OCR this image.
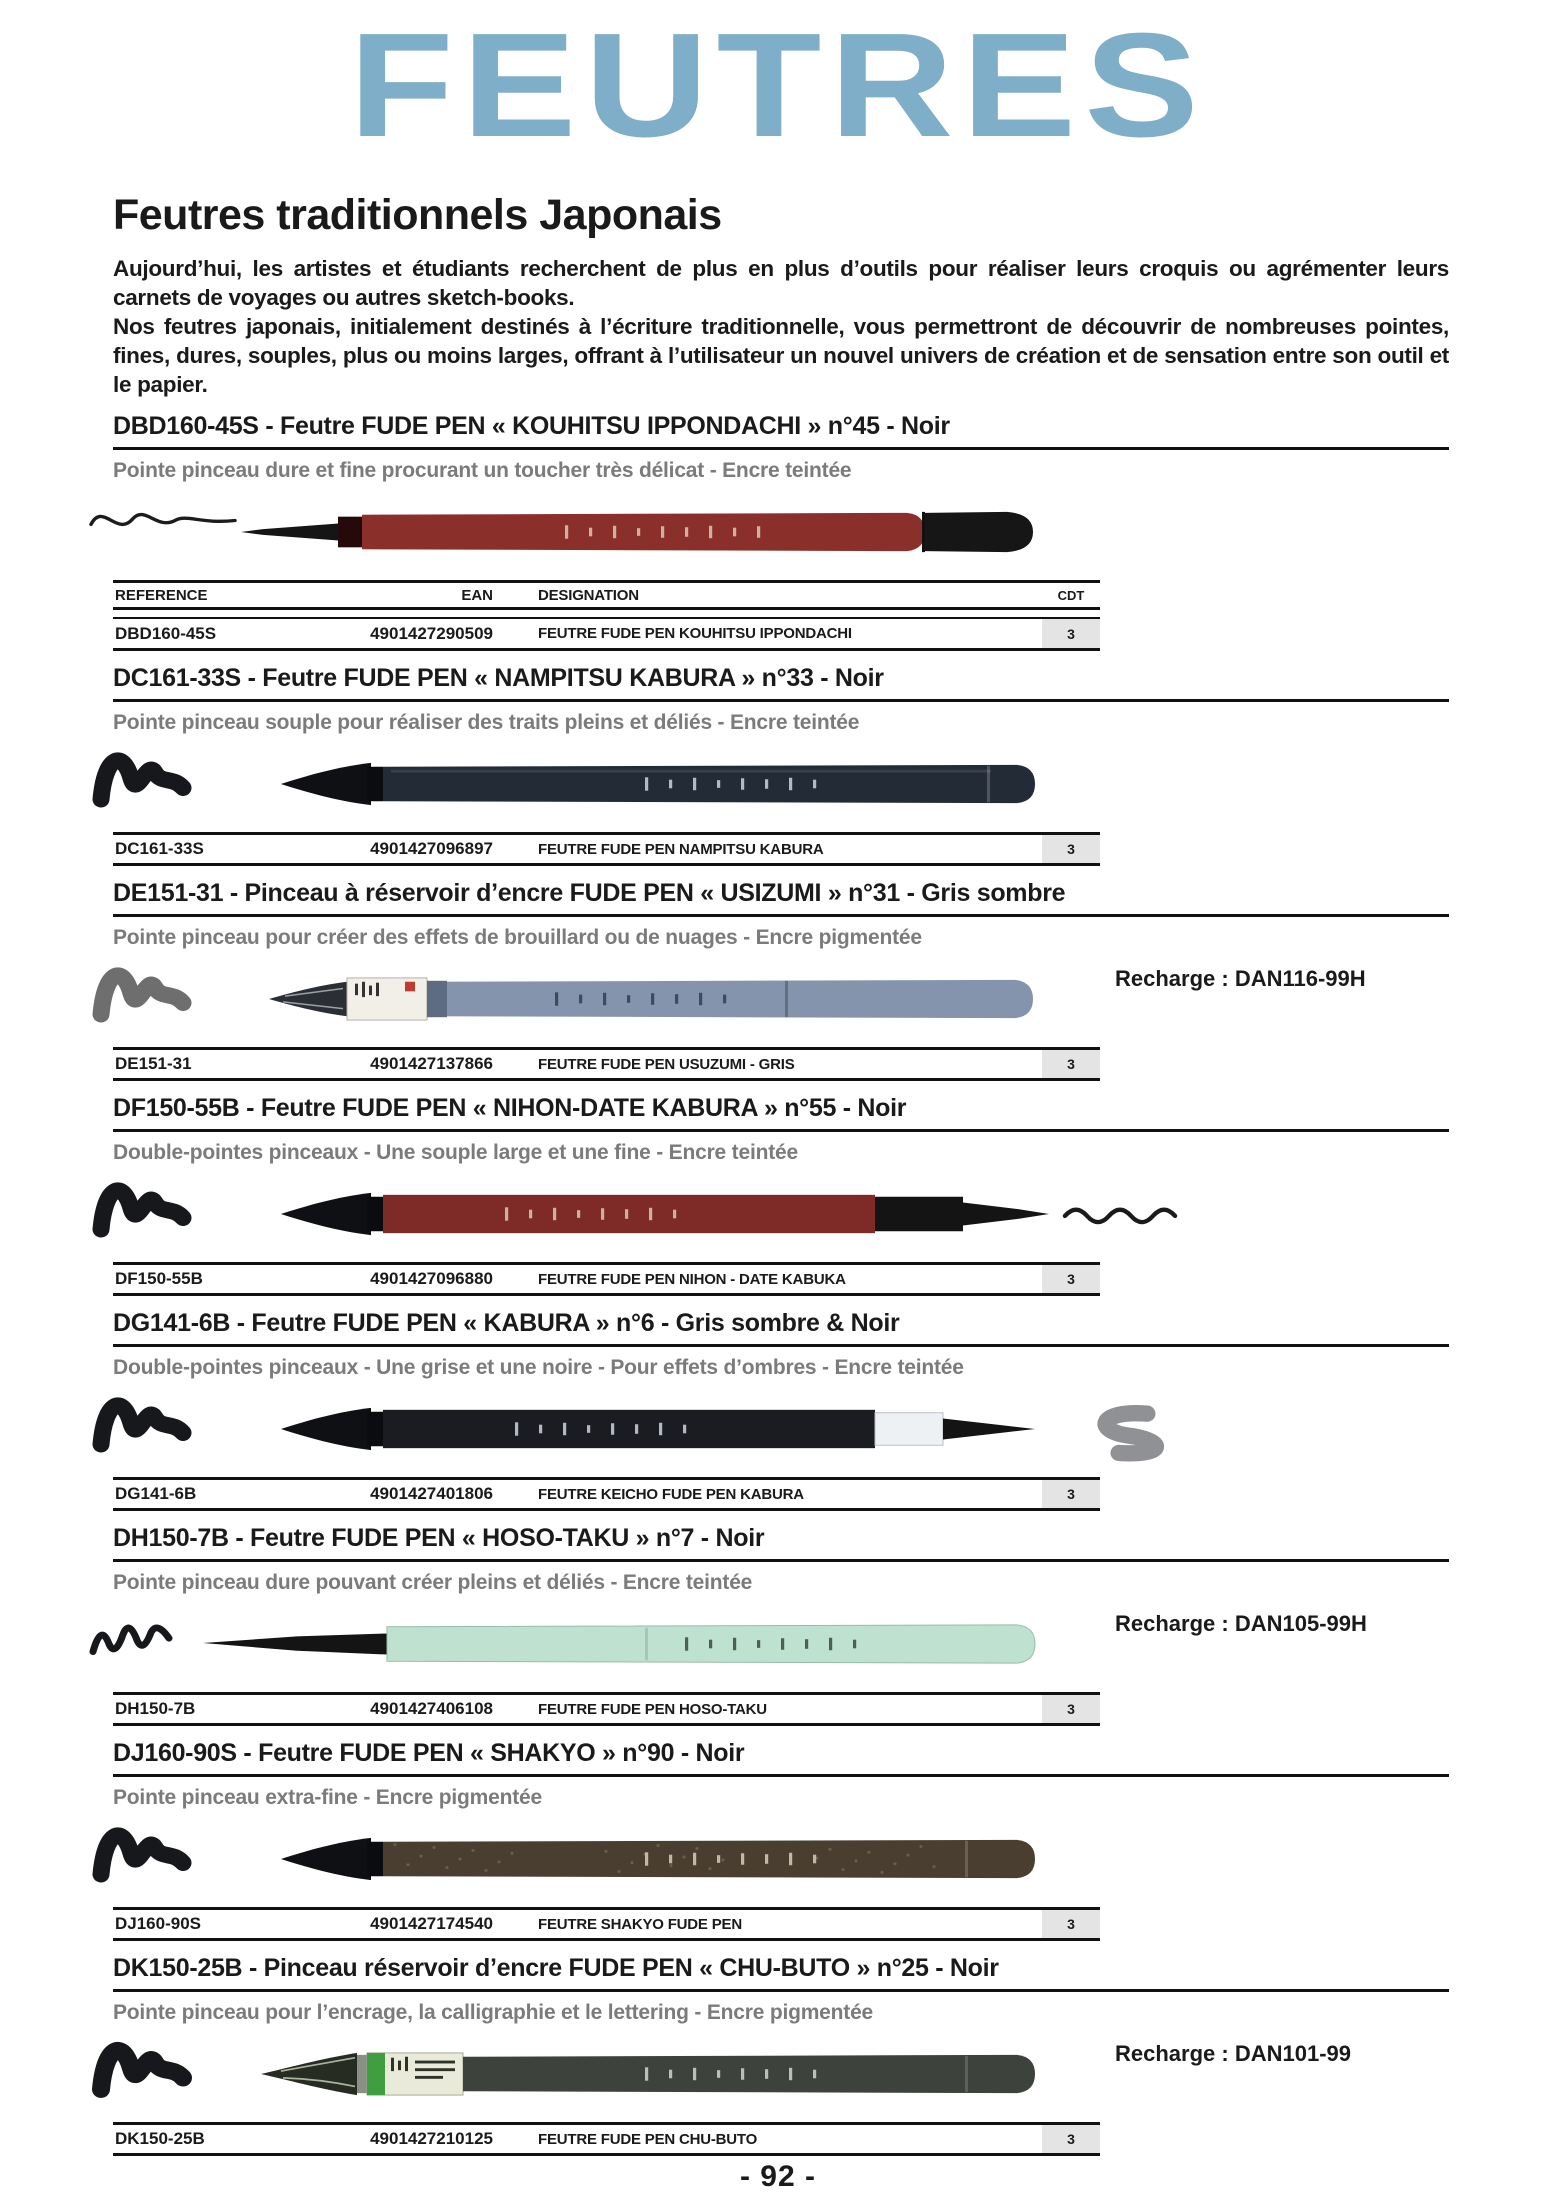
FEUTRES
Feutres traditionnels Japonais

Aujourd’hui, les artistes et étudiants recherchent de plus en plus d’outils pour réaliser leurs croquis ou agrémenter leurs carnets de voyages ou autres sketch-books.

Nos feutres japonais, initialement destinés à l’écriture traditionnelle, vous permettront de découvrir de nombreuses pointes, fines, dures, souples, plus ou moins larges, offrant à l’utilisateur un nouvel univers de création et de sensation entre son outil et le papier.

DBD160-45S - Feutre FUDE PEN « KOUHITSU IPPONDACHI » n°45 - Noir

Pointe pinceau dure et fine procurant un toucher très délicat - Encre teintée

REFERENCE	EAN	DESIGNATION	CDT
DBD160-45S	4901427290509	FEUTRE FUDE PEN KOUHITSU IPPONDACHI	3
DC161-33S - Feutre FUDE PEN « NAMPITSU KABURA » n°33 - Noir

Pointe pinceau souple pour réaliser des traits pleins et déliés - Encre teintée

DC161-33S	4901427096897	FEUTRE FUDE PEN NAMPITSU KABURA	3
DE151-31 - Pinceau à réservoir d’encre FUDE PEN « USIZUMI » n°31 - Gris sombre

Pointe pinceau pour créer des effets de brouillard ou de nuages - Encre pigmentée

DE151-31	4901427137866	FEUTRE FUDE PEN USUZUMI - GRIS	3
Recharge : DAN116-99H
DF150-55B - Feutre FUDE PEN « NIHON-DATE KABURA » n°55 - Noir

Double-pointes pinceaux - Une souple large et une fine - Encre teintée

DF150-55B	4901427096880	FEUTRE FUDE PEN NIHON - DATE KABUKA	3
DG141-6B - Feutre FUDE PEN « KABURA » n°6 - Gris sombre & Noir

Double-pointes pinceaux - Une grise et une noire - Pour effets d’ombres - Encre teintée

DG141-6B	4901427401806	FEUTRE KEICHO FUDE PEN KABURA	3
DH150-7B - Feutre FUDE PEN « HOSO-TAKU » n°7 - Noir

Pointe pinceau dure pouvant créer pleins et déliés - Encre teintée

DH150-7B	4901427406108	FEUTRE FUDE PEN HOSO-TAKU	3
Recharge : DAN105-99H
DJ160-90S - Feutre FUDE PEN « SHAKYO » n°90 - Noir

Pointe pinceau extra-fine - Encre pigmentée

DJ160-90S	4901427174540	FEUTRE SHAKYO FUDE PEN	3
DK150-25B - Pinceau réservoir d’encre FUDE PEN « CHU-BUTO » n°25 - Noir

Pointe pinceau pour l’encrage, la calligraphie et le lettering - Encre pigmentée

DK150-25B	4901427210125	FEUTRE FUDE PEN CHU-BUTO	3
Recharge : DAN101-99
- 92 -
